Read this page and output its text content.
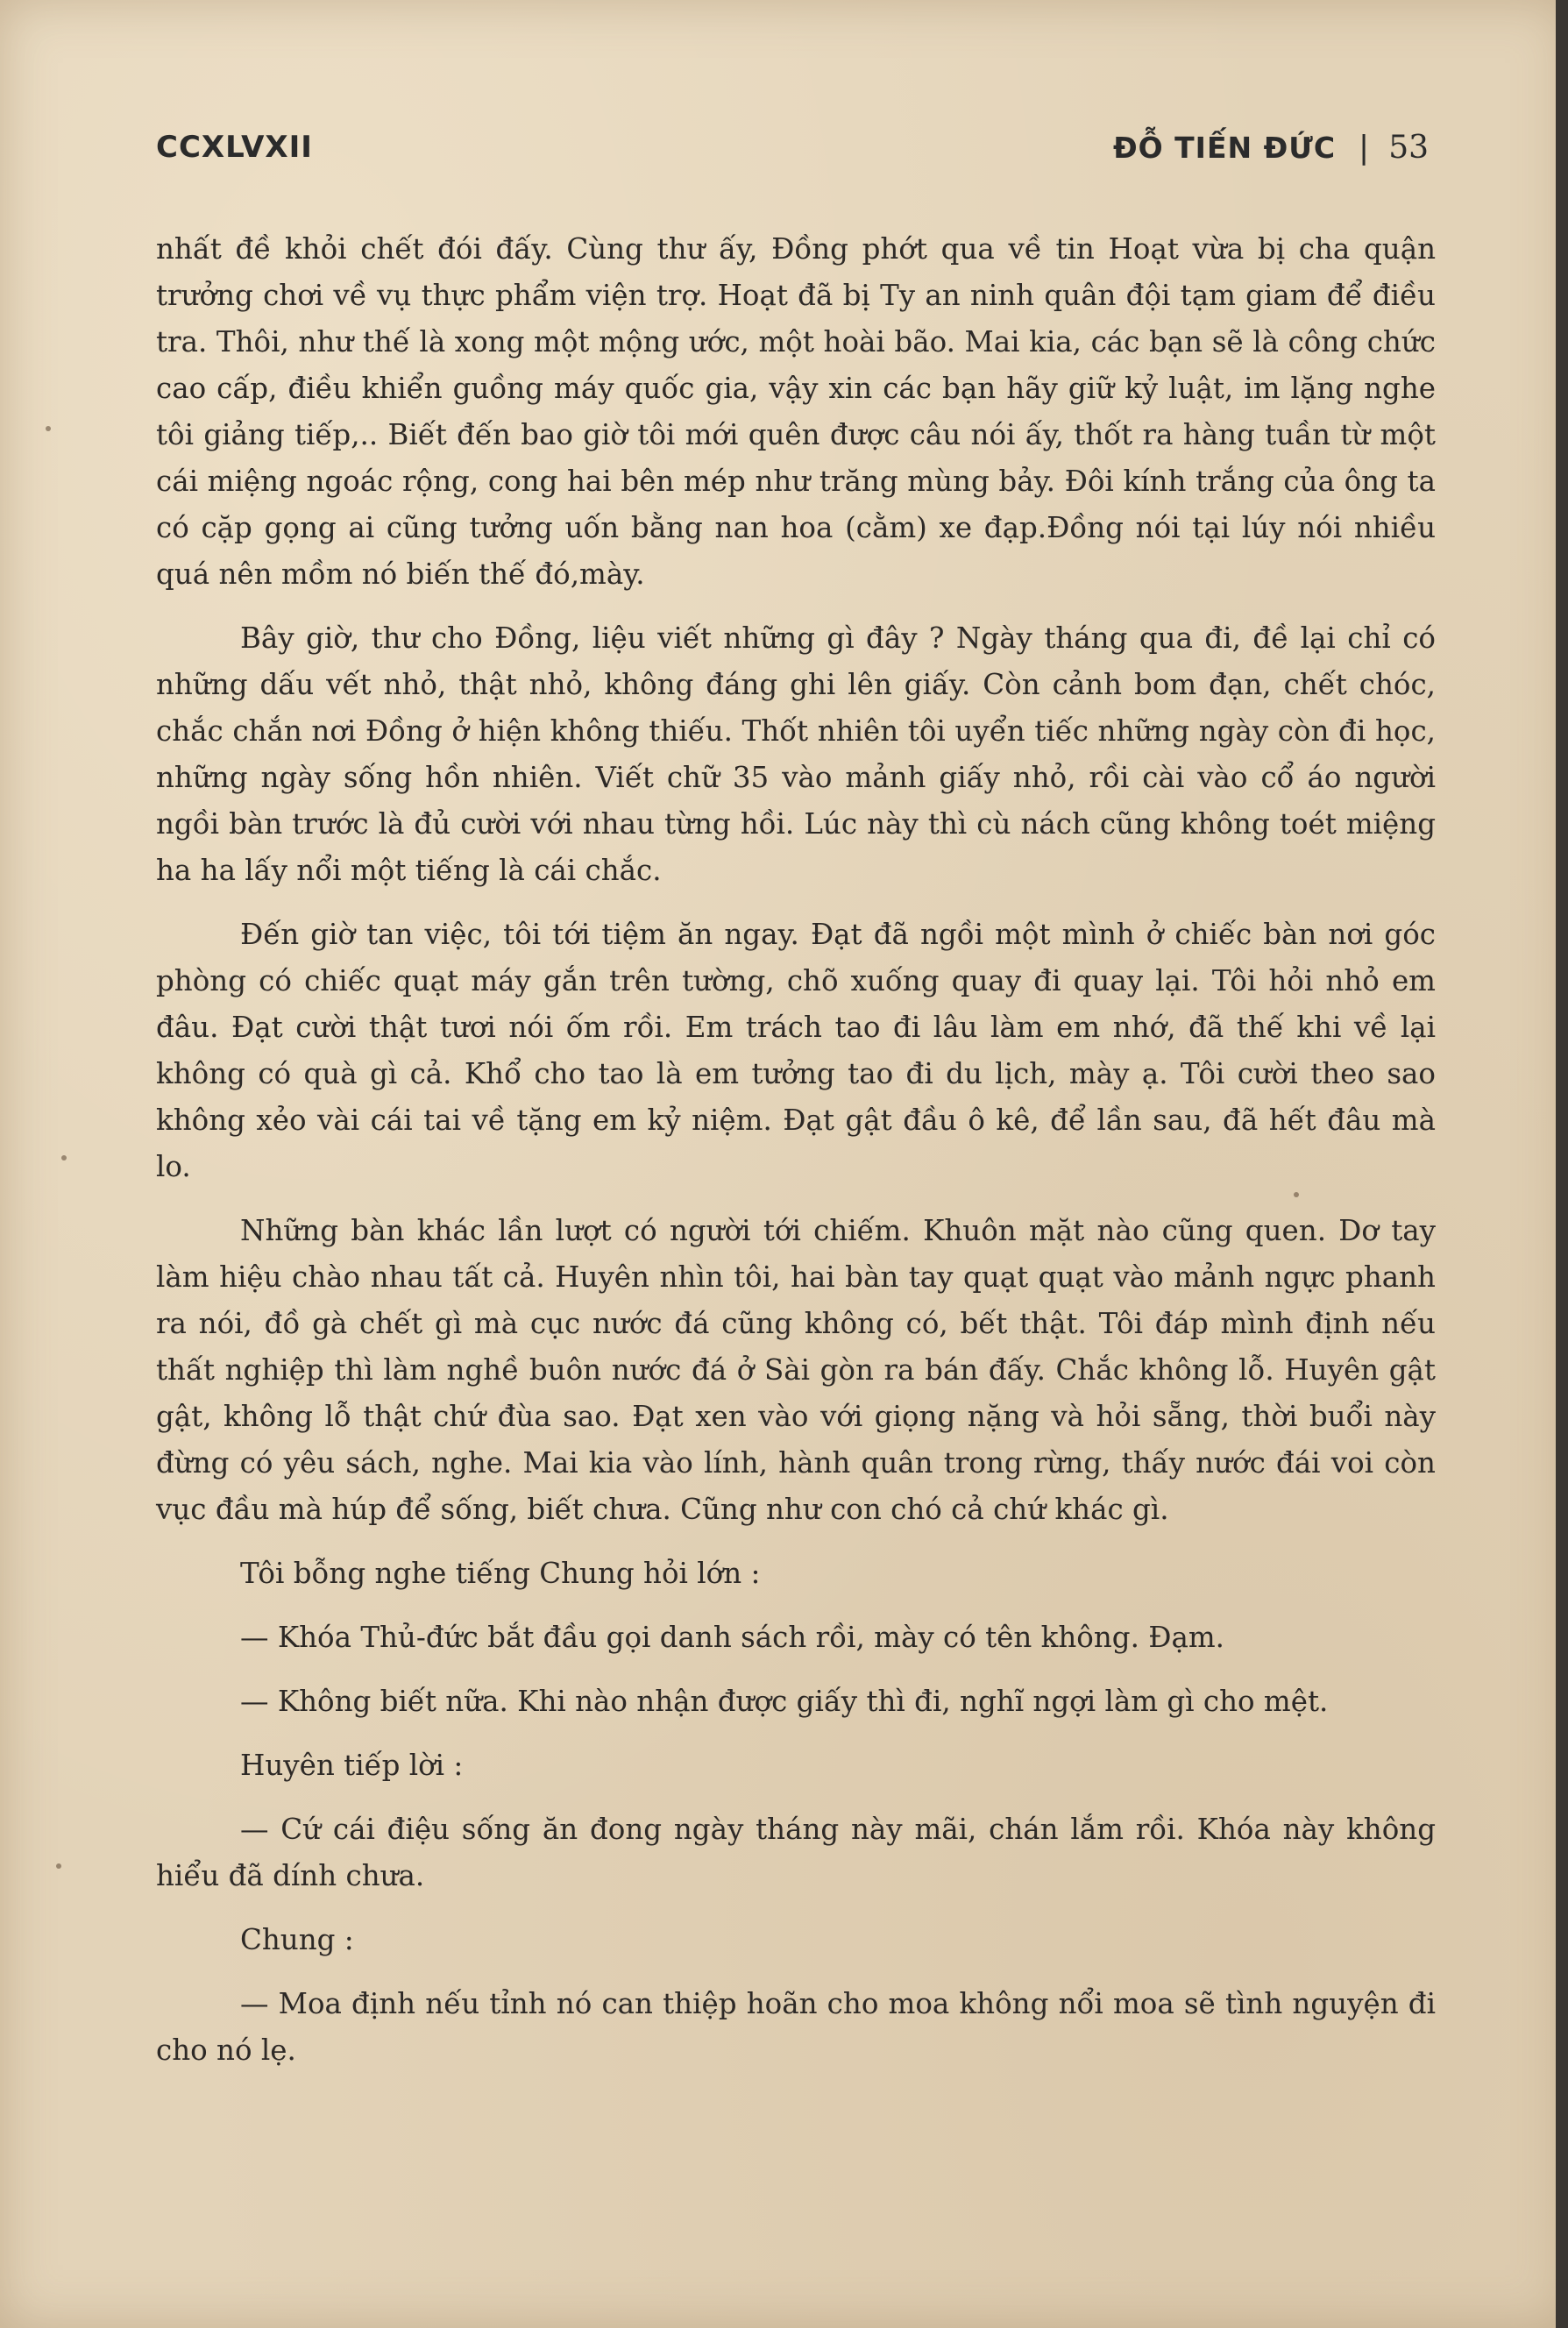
CCXLVXII	ĐỖ TIẾN ĐỨC | 53

nhất đề khỏi chết đói đấy. Cùng thư ấy, Đồng phớt qua về tin Hoạt vừa bị cha quận trưởng chơi về vụ thực phẩm viện trợ. Hoạt đã bị Ty an ninh quân đội tạm giam để điều tra. Thôi, như thế là xong một mộng ước, một hoài bão. Mai kia, các bạn sẽ là công chức cao cấp, điều khiển guồng máy quốc gia, vậy xin các bạn hãy giữ kỷ luật, im lặng nghe tôi giảng tiếp,.. Biết đến bao giờ tôi mới quên được câu nói ấy, thốt ra hàng tuần từ một cái miệng ngoác rộng, cong hai bên mép như trăng mùng bảy. Đôi kính trắng của ông ta có cặp gọng ai cũng tưởng uốn bằng nan hoa (cằm) xe đạp.Đồng nói tại lúy nói nhiều quá nên mồm nó biến thế đó,mày.

Bây giờ, thư cho Đồng, liệu viết những gì đây ? Ngày tháng qua đi, đề lại chỉ có những dấu vết nhỏ, thật nhỏ, không đáng ghi lên giấy. Còn cảnh bom đạn, chết chóc, chắc chắn nơi Đồng ở hiện không thiếu. Thốt nhiên tôi uyển tiếc những ngày còn đi học, những ngày sống hồn nhiên. Viết chữ 35 vào mảnh giấy nhỏ, rồi cài vào cổ áo người ngồi bàn trước là đủ cười với nhau từng hồi. Lúc này thì cù nách cũng không toét miệng ha ha lấy nổi một tiếng là cái chắc.

Đến giờ tan việc, tôi tới tiệm ăn ngay. Đạt đã ngồi một mình ở chiếc bàn nơi góc phòng có chiếc quạt máy gắn trên tường, chõ xuống quay đi quay lại. Tôi hỏi nhỏ em đâu. Đạt cười thật tươi nói ốm rồi. Em trách tao đi lâu làm em nhớ, đã thế khi về lại không có quà gì cả. Khổ cho tao là em tưởng tao đi du lịch, mày ạ. Tôi cười theo sao không xẻo vài cái tai về tặng em kỷ niệm. Đạt gật đầu ô kê, để lần sau, đã hết đâu mà lo.

Những bàn khác lần lượt có người tới chiếm. Khuôn mặt nào cũng quen. Dơ tay làm hiệu chào nhau tất cả. Huyên nhìn tôi, hai bàn tay quạt quạt vào mảnh ngực phanh ra nói, đồ gà chết gì mà cục nước đá cũng không có, bết thật. Tôi đáp mình định nếu thất nghiệp thì làm nghề buôn nước đá ở Sài gòn ra bán đấy. Chắc không lỗ. Huyên gật gật, không lỗ thật chứ đùa sao. Đạt xen vào với giọng nặng và hỏi sẵng, thời buổi này đừng có yêu sách, nghe. Mai kia vào lính, hành quân trong rừng, thấy nước đái voi còn vục đầu mà húp để sống, biết chưa. Cũng như con chó cả chứ khác gì.

Tôi bỗng nghe tiếng Chung hỏi lớn :

— Khóa Thủ-đức bắt đầu gọi danh sách rồi, mày có tên không. Đạm.

— Không biết nữa. Khi nào nhận được giấy thì đi, nghĩ ngợi làm gì cho mệt.

Huyên tiếp lời :

— Cứ cái điệu sống ăn đong ngày tháng này mãi, chán lắm rồi. Khóa này không hiểu đã dính chưa.

Chung :

— Moa định nếu tỉnh nó can thiệp hoãn cho moa không nổi moa sẽ tình nguyện đi cho nó lẹ.
